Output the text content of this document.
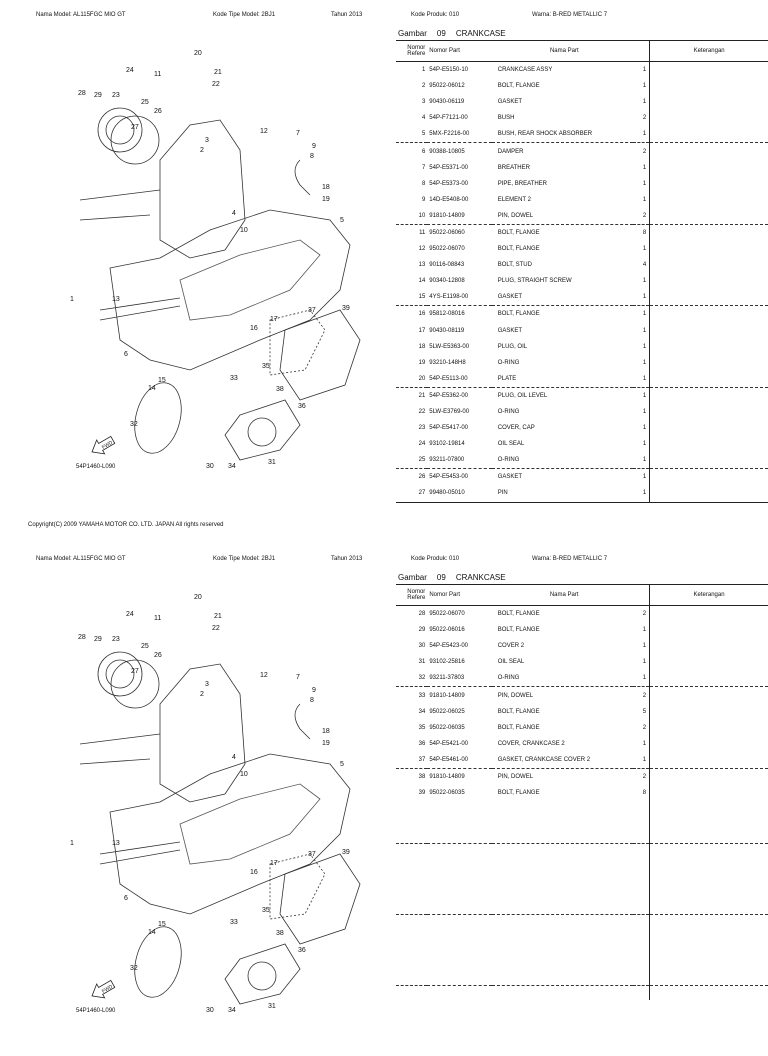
Nama Model: AL115FGC MIO GT	Kode Tipe Model: 2BJ1	Tahun 2013	Kode Produk: 010	Warna: B-RED METALLIC 7
Gambar 09 CRANKCASE
1
2
3
4
5
6
7
8
9
10
11
12
13
14
15
16
17
18
19
20
21
22
23
24
25
26
27
28 29
30
31
32
33
34
35
36
37
38
39
FWD
54P1460-L090
Nomor Refere	Nomor Part	Nama Part		Keterangan
1	54P-E5150-10	CRANKCASE ASSY	1	
2	95022-06012	BOLT, FLANGE	1	
3	90430-06119	GASKET	1	
4	54P-F7121-00	BUSH	2	
5	5MX-F2216-00	BUSH, REAR SHOCK ABSORBER	1	
6	90388-10805	DAMPER	2	
7	54P-E5371-00	BREATHER	1	
8	54P-E5373-00	PIPE, BREATHER	1	
9	14D-E5408-00	ELEMENT 2	1	
10	91810-14809	PIN, DOWEL	2	
11	95022-06060	BOLT, FLANGE	8	
12	95022-06070	BOLT, FLANGE	1	
13	90116-08843	BOLT, STUD	4	
14	90340-12808	PLUG, STRAIGHT SCREW	1	
15	4YS-E1198-00	GASKET	1	
16	95812-08016	BOLT, FLANGE	1	
17	90430-08119	GASKET	1	
18	5LW-E5363-00	PLUG, OIL	1	
19	93210-148H8	O-RING	1	
20	54P-E5113-00	PLATE	1	
21	54P-E5362-00	PLUG, OIL LEVEL	1	
22	5LW-E3769-00	O-RING	1	
23	54P-E5417-00	COVER, CAP	1	
24	93102-19814	OIL SEAL	1	
25	93211-07800	O-RING	1	
26	54P-E5453-00	GASKET	1	
27	99480-05010	PIN	1	
Copyright(C) 2009 YAMAHA MOTOR CO. LTD. JAPAN All rights reserved
Nama Model: AL115FGC MIO GT	Kode Tipe Model: 2BJ1	Tahun 2013	Kode Produk: 010	Warna: B-RED METALLIC 7
Gambar 09 CRANKCASE
1
2
3
4
5
6
7
8
9
10
11
12
13
14
15
16
17
18
19
20
21
22
23
24
25
26
27
28 29
30
31
32
33
34
35
36
37
38
39
FWD
54P1460-L090
Nomor Refere	Nomor Part	Nama Part		Keterangan
28	95022-06070	BOLT, FLANGE	2	
29	95022-06016	BOLT, FLANGE	1	
30	54P-E5423-00	COVER 2	1	
31	93102-25816	OIL SEAL	1	
32	93211-37803	O-RING	1	
33	91810-14809	PIN, DOWEL	2	
34	95022-06025	BOLT, FLANGE	5	
35	95022-06035	BOLT, FLANGE	2	
36	54P-E5421-00	COVER, CRANKCASE 2	1	
37	54P-E5461-00	GASKET, CRANKCASE COVER 2	1	
38	91810-14809	PIN, DOWEL	2	
39	95022-06035	BOLT, FLANGE	8	
